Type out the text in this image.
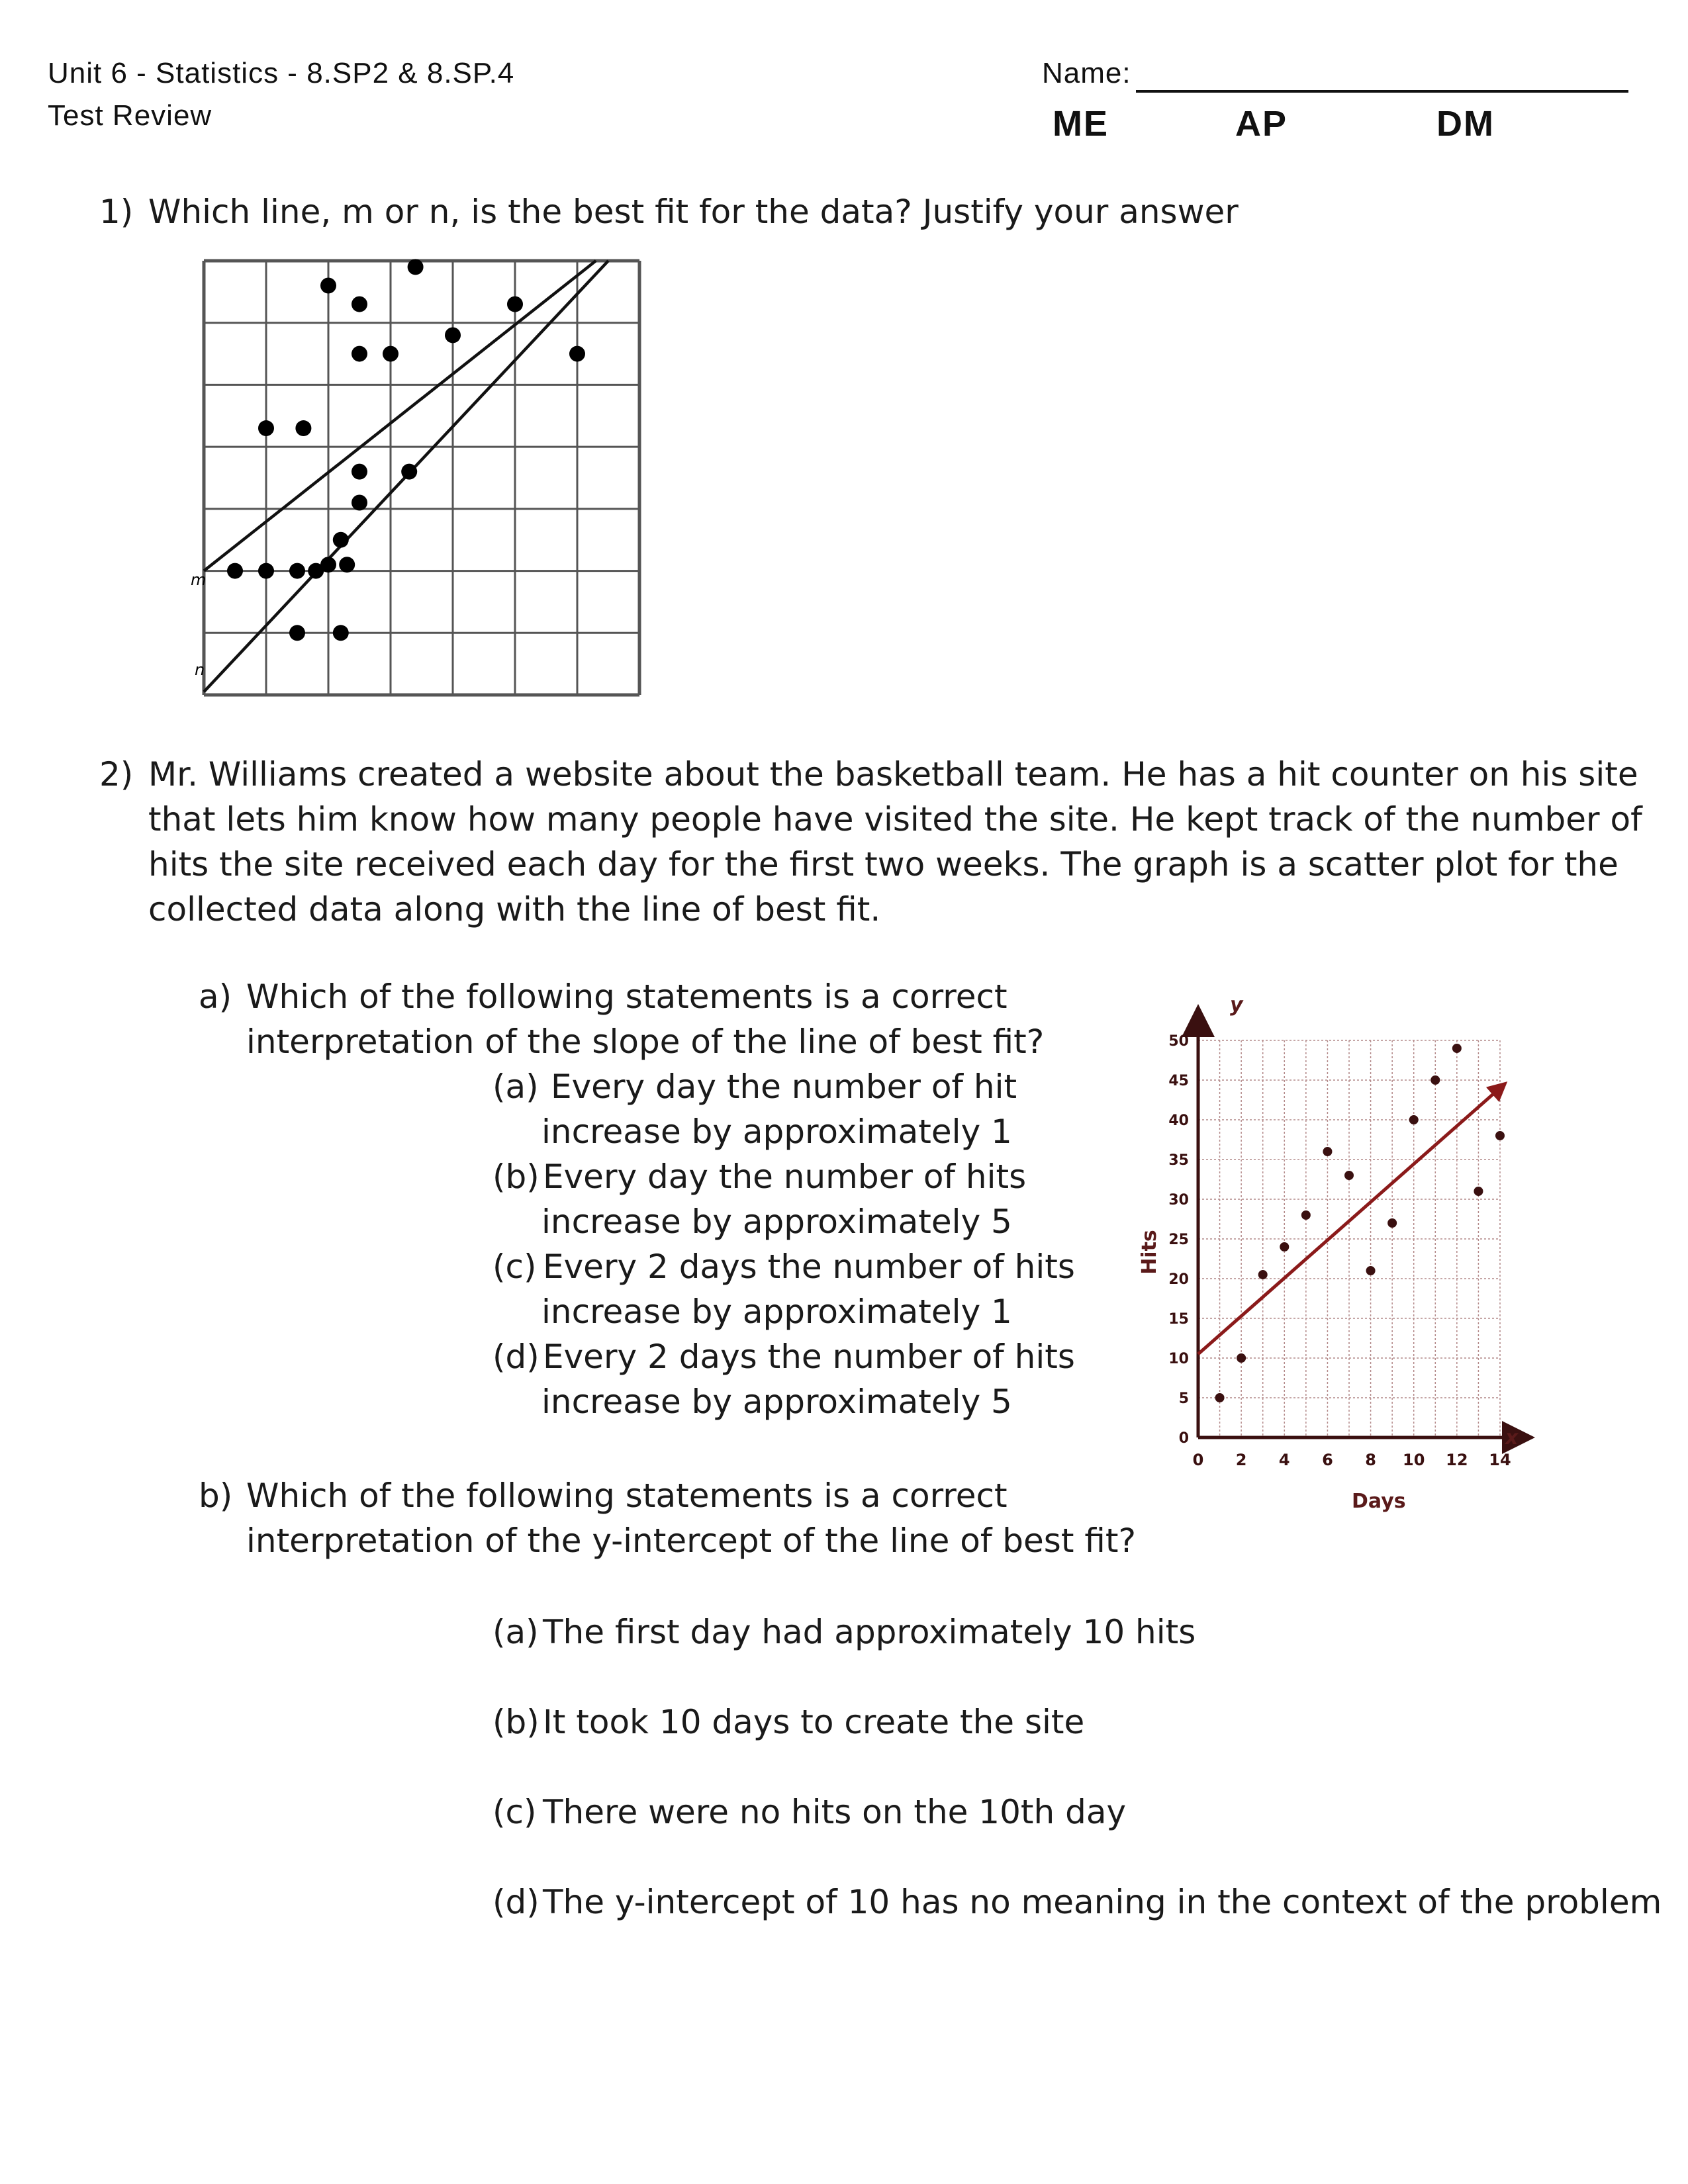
Unit 6 - Statistics - 8.SP2 & 8.SP.4
Test Review
Name:
ME	AP	DM
1) Which line, m or n, is the best fit for the data? Justify your answer
m
n
2) Mr. Williams created a website about the basketball team. He has a hit counter on his site
that lets him know how many people have visited the site. He kept track of the number of
hits the site received each day for the first two weeks. The graph is a scatter plot for the
collected data along with the line of best fit.
a) Which of the following statements is a correct
interpretation of the slope of the line of best fit?
(a) Every day the number of hit
increase by approximately 1
(b) Every day the number of hits
increase by approximately 5
(c) Every 2 days the number of hits
increase by approximately 1
(d) Every 2 days the number of hits
increase by approximately 5
0 2 4 6 8 10 12 14
0
5
10
15
20
25
30
35
40
45
50
Days
Hits
x
y
b) Which of the following statements is a correct
interpretation of the y-intercept of the line of best fit?
(a) The first day had approximately 10 hits
(b) It took 10 days to create the site
(c) There were no hits on the 10th day
(d) The y-intercept of 10 has no meaning in the context of the problem
